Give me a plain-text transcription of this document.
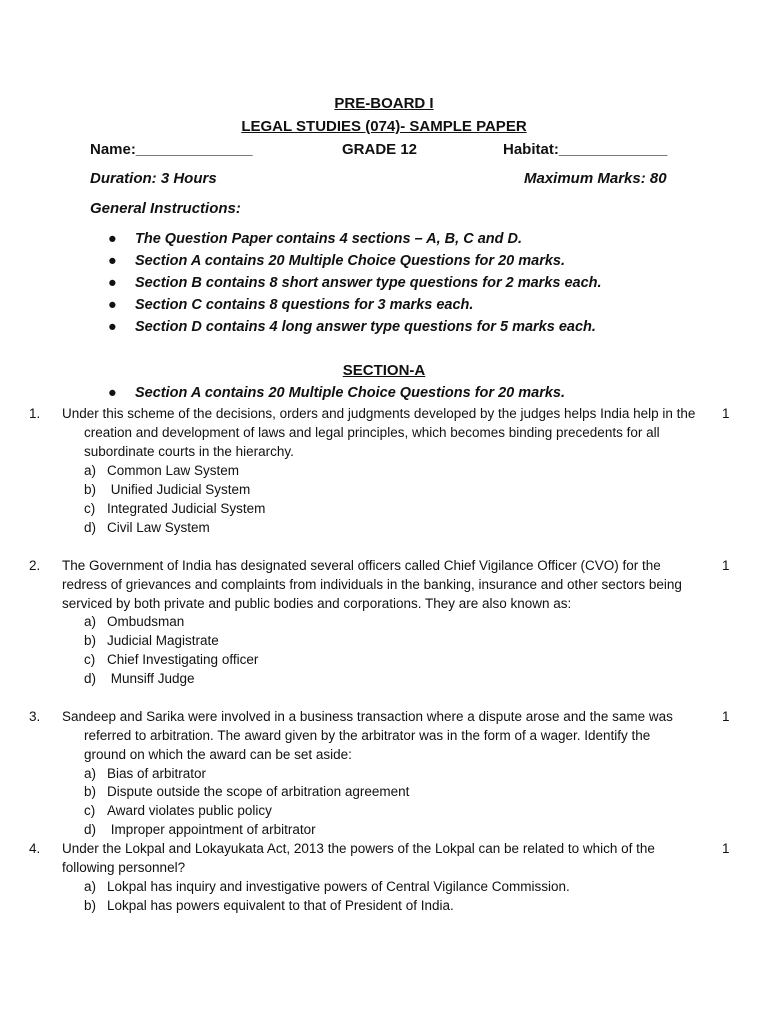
PRE-BOARD I
LEGAL STUDIES (074)- SAMPLE PAPER
Name:______________	GRADE 12	Habitat:_____________
Duration: 3 Hours	Maximum Marks: 80
General Instructions:
● The Question Paper contains 4 sections – A, B, C and D.
● Section A contains 20 Multiple Choice Questions for 20 marks.
● Section B contains 8 short answer type questions for 2 marks each.
● Section C contains 8 questions for 3 marks each.
● Section D contains 4 long answer type questions for 5 marks each.
SECTION-A
● Section A contains 20 Multiple Choice Questions for 20 marks.
1. Under this scheme of the decisions, orders and judgments developed by the judges helps India help in the
creation and development of laws and legal principles, which becomes binding precedents for all
subordinate courts in the hierarchy.
1
a) Common Law System
b) Unified Judicial System
c) Integrated Judicial System
d) Civil Law System
2. The Government of India has designated several officers called Chief Vigilance Officer (CVO) for the
redress of grievances and complaints from individuals in the banking, insurance and other sectors being
serviced by both private and public bodies and corporations. They are also known as:
1
a) Ombudsman
b) Judicial Magistrate
c) Chief Investigating officer
d) Munsiff Judge
3. Sandeep and Sarika were involved in a business transaction where a dispute arose and the same was
referred to arbitration. The award given by the arbitrator was in the form of a wager. Identify the
ground on which the award can be set aside:
1
a) Bias of arbitrator
b) Dispute outside the scope of arbitration agreement
c) Award violates public policy
d) Improper appointment of arbitrator
4. Under the Lokpal and Lokayukata Act, 2013 the powers of the Lokpal can be related to which of the
following personnel?
1
a) Lokpal has inquiry and investigative powers of Central Vigilance Commission.
b) Lokpal has powers equivalent to that of President of India.
